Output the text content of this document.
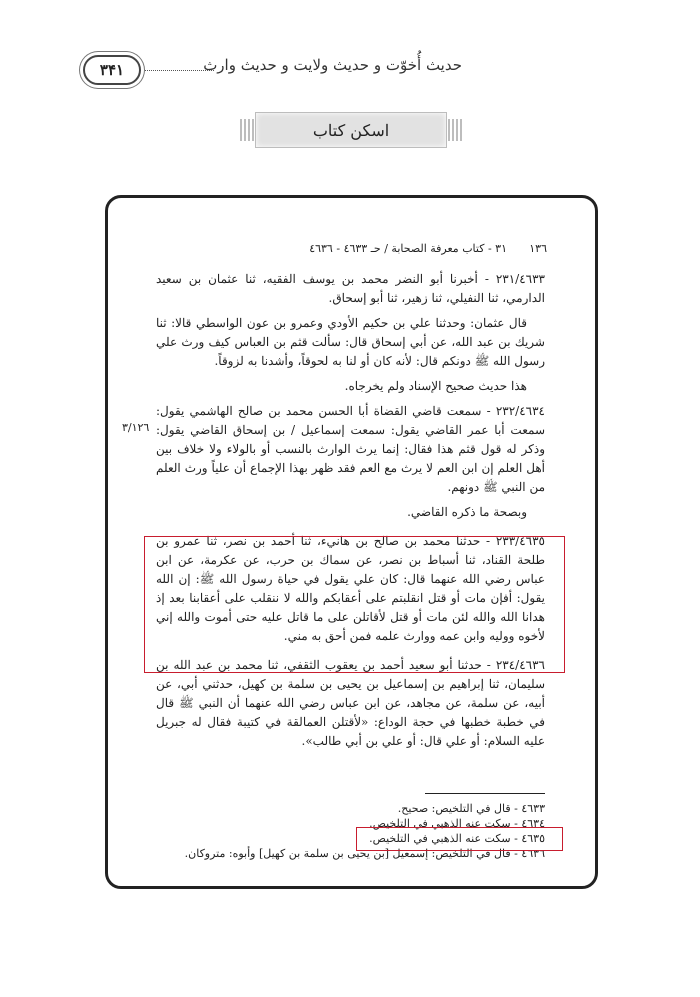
حديث أُخوّت و حديث ولايت و حديث وارث
۳۴۱
اسکن کتاب
١٣٦
٣١ - كتاب معرفة الصحابة / حـ ٤٦٣٣ - ٤٦٣٦
٣/١٢٦

٢٣١/٤٦٣٣ - أخبرنا أبو النضر محمد بن يوسف الفقيه، ثنا عثمان بن سعيد الدارمي، ثنا النفيلي، ثنا زهير، ثنا أبو إسحاق.

قال عثمان: وحدثنا علي بن حكيم الأودي وعمرو بن عون الواسطي قالا: ثنا شريك بن عبد الله، عن أبي إسحاق قال: سألت قثم بن العباس كيف ورث علي رسول الله ﷺ دونكم قال: لأنه كان أو لنا به لحوقاً، وأشدنا به لزوقاً.

هذا حديث صحيح الإسناد ولم يخرجاه.

٢٣٢/٤٦٣٤ - سمعت قاضي القضاة أبا الحسن محمد بن صالح الهاشمي يقول: سمعت أبا عمر القاضي يقول: سمعت إسماعيل / بن إسحاق القاضي يقول: وذكر له قول قثم هذا فقال: إنما يرث الوارث بالنسب أو بالولاء ولا خلاف بين أهل العلم إن ابن العم لا يرث مع العم فقد ظهر بهذا الإجماع أن علياً ورث العلم من النبي ﷺ دونهم.

وبصحة ما ذكره القاضي.

٢٣٣/٤٦٣٥ - حدثنا محمد بن صالح بن هانيء، ثنا أحمد بن نصر، ثنا عمرو بن طلحة القناد، ثنا أسباط بن نصر، عن سماك بن حرب، عن عكرمة، عن ابن عباس رضي الله عنهما قال: كان علي يقول في حياة رسول الله ﷺ: إن الله يقول: أفإن مات أو قتل انقلبتم على أعقابكم والله لا ننقلب على أعقابنا بعد إذ هدانا الله والله لئن مات أو قتل لأقاتلن على ما قاتل عليه حتى أموت والله إني لأخوه ووليه وابن عمه ووارث علمه فمن أحق به مني.

٢٣٤/٤٦٣٦ - حدثنا أبو سعيد أحمد بن يعقوب الثقفي، ثنا محمد بن عبد الله بن سليمان، ثنا إبراهيم بن إسماعيل بن يحيى بن سلمة بن كهيل، حدثني أبي، عن أبيه، عن سلمة، عن مجاهد، عن ابن عباس رضي الله عنهما أن النبي ﷺ قال في خطبة خطبها في حجة الوداع: «لأقتلن العمالقة في كتيبة فقال له جبريل عليه السلام: أو علي قال: أو علي بن أبي طالب».

٤٦٣٣ - قال في التلخيص: صحيح.

٤٦٣٤ - سكت عنه الذهبي في التلخيص.

٤٦٣٥ - سكت عنه الذهبي في التلخيص.

٤٦٣٦ - قال في التلخيص: إسمعيل [بن يحيى بن سلمة بن كهيل] وأبوه: متروكان.
